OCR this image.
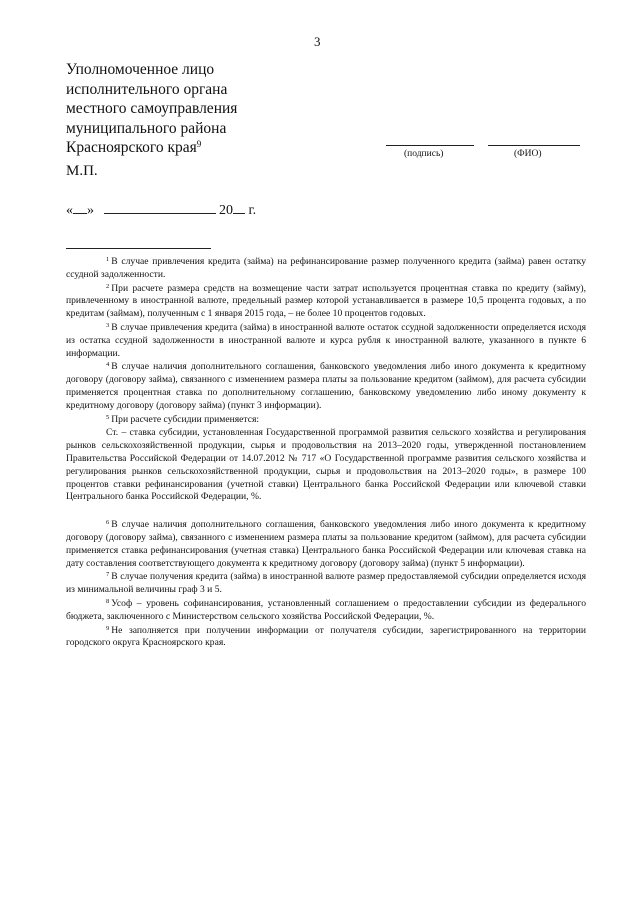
3
Уполномоченное лицо
исполнительного органа
местного самоуправления
муниципального района
Красноярского края$^9$
(подпись)	(ФИО)
М.П.
« »	20 г.

$^1$ В случае привлечения кредита (займа) на рефинансирование размер полученного кредита (займа) равен остатку ссудной задолженности.

$^2$ При расчете размера средств на возмещение части затрат используется процентная ставка по кредиту (займу), привлеченному в иностранной валюте, предельный размер которой устанавливается в размере 10,5 процента годовых, а по кредитам (займам), полученным с 1 января 2015 года, – не более 10 процентов годовых.

$^3$ В случае привлечения кредита (займа) в иностранной валюте остаток ссудной задолженности определяется исходя из остатка ссудной задолженности в иностранной валюте и курса рубля к иностранной валюте, указанного в пункте 6 информации.

$^4$ В случае наличия дополнительного соглашения, банковского уведомления либо иного документа к кредитному договору (договору займа), связанного с изменением размера платы за пользование кредитом (займом), для расчета субсидии применяется процентная ставка по дополнительному соглашению, банковскому уведомлению либо иному документу к кредитному договору (договору займа) (пункт 3 информации).

$^5$ При расчете субсидии применяется:

Ст. – ставка субсидии, установленная Государственной программой развития сельского хозяйства и регулирования рынков сельскохозяйственной продукции, сырья и продовольствия на 2013–2020 годы, утвержденной постановлением Правительства Российской Федерации от 14.07.2012 № 717 «О Государственной программе развития сельского хозяйства и регулирования рынков сельскохозяйственной продукции, сырья и продовольствия на 2013–2020 годы», в размере 100 процентов ставки рефинансирования (учетной ставки) Центрального банка Российской Федерации или ключевой ставки Центрального банка Российской Федерации, %.

$^6$ В случае наличия дополнительного соглашения, банковского уведомления либо иного документа к кредитному договору (договору займа), связанного с изменением размера платы за пользование кредитом (займом), для расчета субсидии применяется ставка рефинансирования (учетная ставка) Центрального банка Российской Федерации или ключевая ставка на дату составления соответствующего документа к кредитному договору (договору займа) (пункт 5 информации).

$^7$ В случае получения кредита (займа) в иностранной валюте размер предоставляемой субсидии определяется исходя из минимальной величины граф 3 и 5.

$^8$ Усоф – уровень софинансирования, установленный соглашением о предоставлении субсидии из федерального бюджета, заключенного с Министерством сельского хозяйства Российской Федерации, %.

$^9$ Не заполняется при получении информации от получателя субсидии, зарегистрированного на территории городского округа Красноярского края.
